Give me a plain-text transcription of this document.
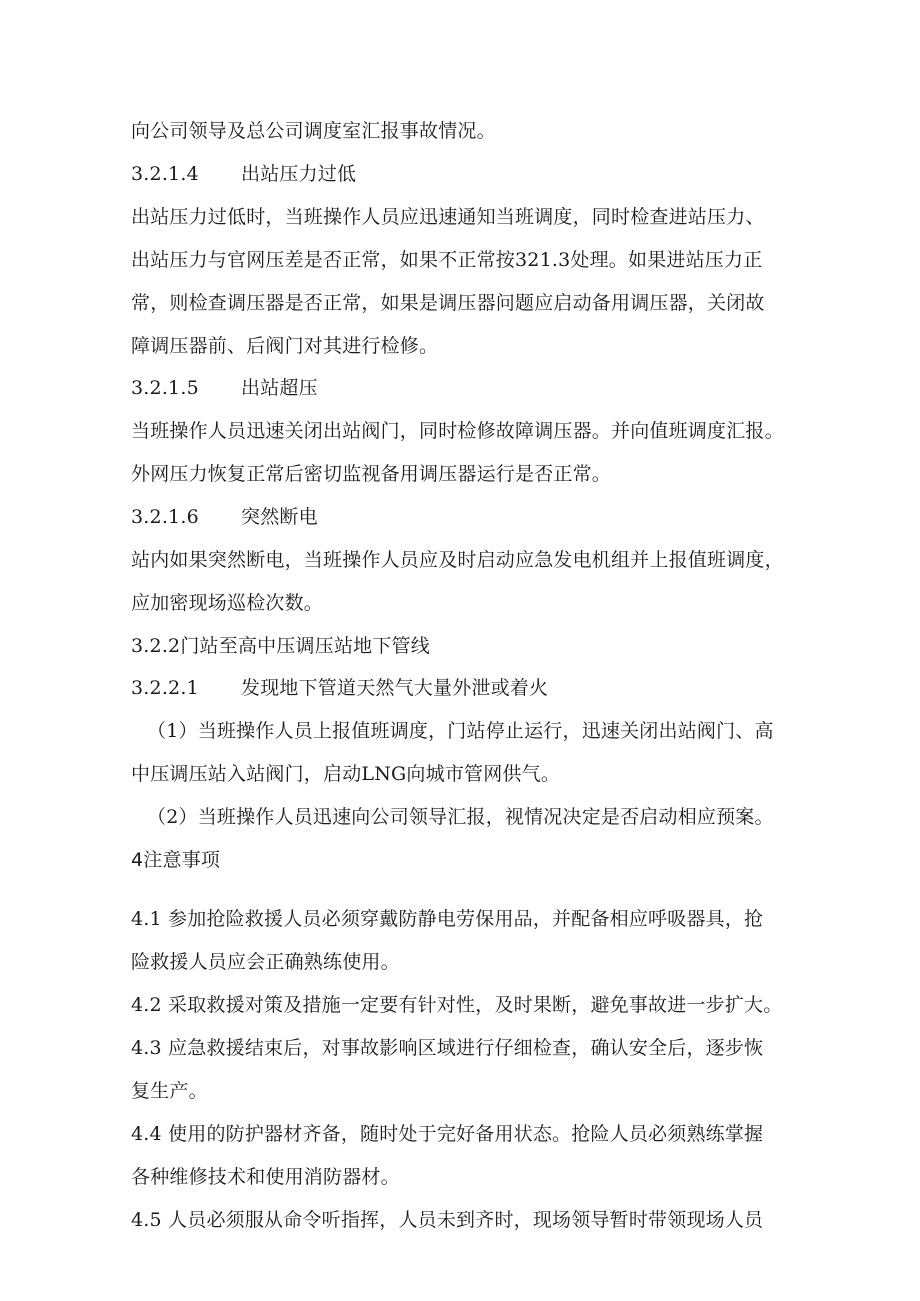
向公司领导及总公司调度室汇报事故情况。
3.2.1.4 出站压力过低
出站压力过低时，当班操作人员应迅速通知当班调度，同时检查进站压力、
出站压力与官网压差是否正常，如果不正常按321.3处理。如果进站压力正
常，则检查调压器是否正常，如果是调压器问题应启动备用调压器，关闭故
障调压器前、后阀门对其进行检修。
3.2.1.5 出站超压
当班操作人员迅速关闭出站阀门，同时检修故障调压器。并向值班调度汇报。
外网压力恢复正常后密切监视备用调压器运行是否正常。
3.2.1.6 突然断电
站内如果突然断电，当班操作人员应及时启动应急发电机组并上报值班调度，
应加密现场巡检次数。
3.2.2门站至高中压调压站地下管线
3.2.2.1 发现地下管道天然气大量外泄或着火
（1）当班操作人员上报值班调度，门站停止运行，迅速关闭出站阀门、高
中压调压站入站阀门，启动LNG向城市管网供气。
（2）当班操作人员迅速向公司领导汇报，视情况决定是否启动相应预案。
4注意事项
4.1 参加抢险救援人员必须穿戴防静电劳保用品，并配备相应呼吸器具，抢
险救援人员应会正确熟练使用。
4.2 采取救援对策及措施一定要有针对性，及时果断，避免事故进一步扩大。
4.3 应急救援结束后，对事故影响区域进行仔细检查，确认安全后，逐步恢
复生产。
4.4 使用的防护器材齐备，随时处于完好备用状态。抢险人员必须熟练掌握
各种维修技术和使用消防器材。
4.5 人员必须服从命令听指挥，人员未到齐时，现场领导暂时带领现场人员
